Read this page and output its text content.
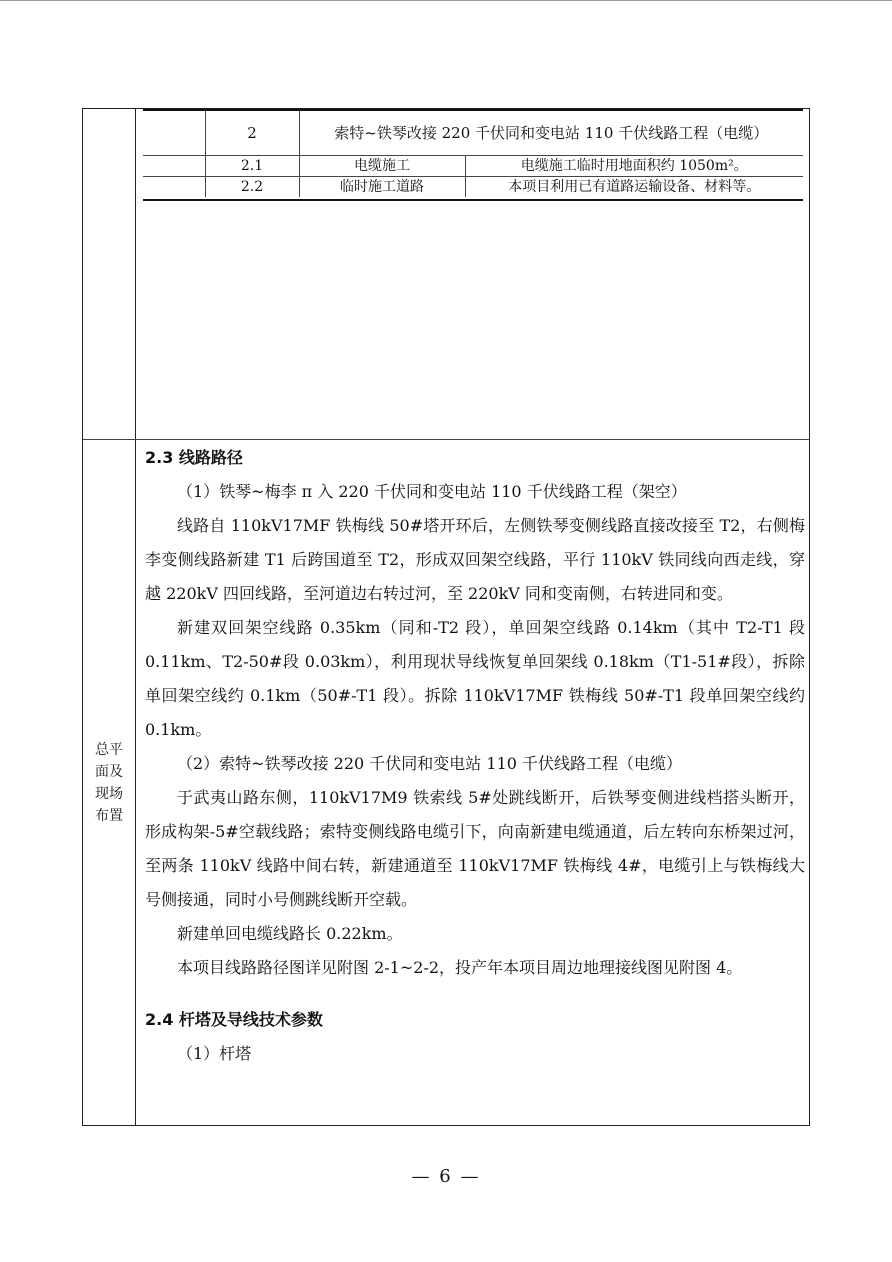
总平
面及
现场
布置
	2	索特~铁琴改接 220 千伏同和变电站 110 千伏线路工程（电缆）	
	2.1	电缆施工	电缆施工临时用地面积约 1050m²。
	2.2	临时施工道路	本项目利用已有道路运输设备、材料等。
2.3 线路路径

（1）铁琴~梅李 π 入 220 千伏同和变电站 110 千伏线路工程（架空）

线路自 110kV17MF 铁梅线 50#塔开环后，左侧铁琴变侧线路直接改接至 T2，右侧梅李变侧线路新建 T1 后跨国道至 T2，形成双回架空线路，平行 110kV 铁同线向西走线，穿越 220kV 四回线路，至河道边右转过河，至 220kV 同和变南侧，右转进同和变。

新建双回架空线路 0.35km（同和-T2 段），单回架空线路 0.14km（其中 T2-T1 段 0.11km、T2-50#段 0.03km），利用现状导线恢复单回架线 0.18km（T1-51#段），拆除单回架空线约 0.1km（50#-T1 段）。拆除 110kV17MF 铁梅线 50#-T1 段单回架空线约 0.1km。

（2）索特~铁琴改接 220 千伏同和变电站 110 千伏线路工程（电缆）

于武夷山路东侧，110kV17M9 铁索线 5#处跳线断开，后铁琴变侧进线档搭头断开，形成构架-5#空载线路；索特变侧线路电缆引下，向南新建电缆通道，后左转向东桥架过河，至两条 110kV 线路中间右转，新建通道至 110kV17MF 铁梅线 4#，电缆引上与铁梅线大号侧接通，同时小号侧跳线断开空载。

新建单回电缆线路长 0.22km。

本项目线路路径图详见附图 2-1~2-2，投产年本项目周边地理接线图见附图 4。

2.4 杆塔及导线技术参数

（1）杆塔

— 6 —
